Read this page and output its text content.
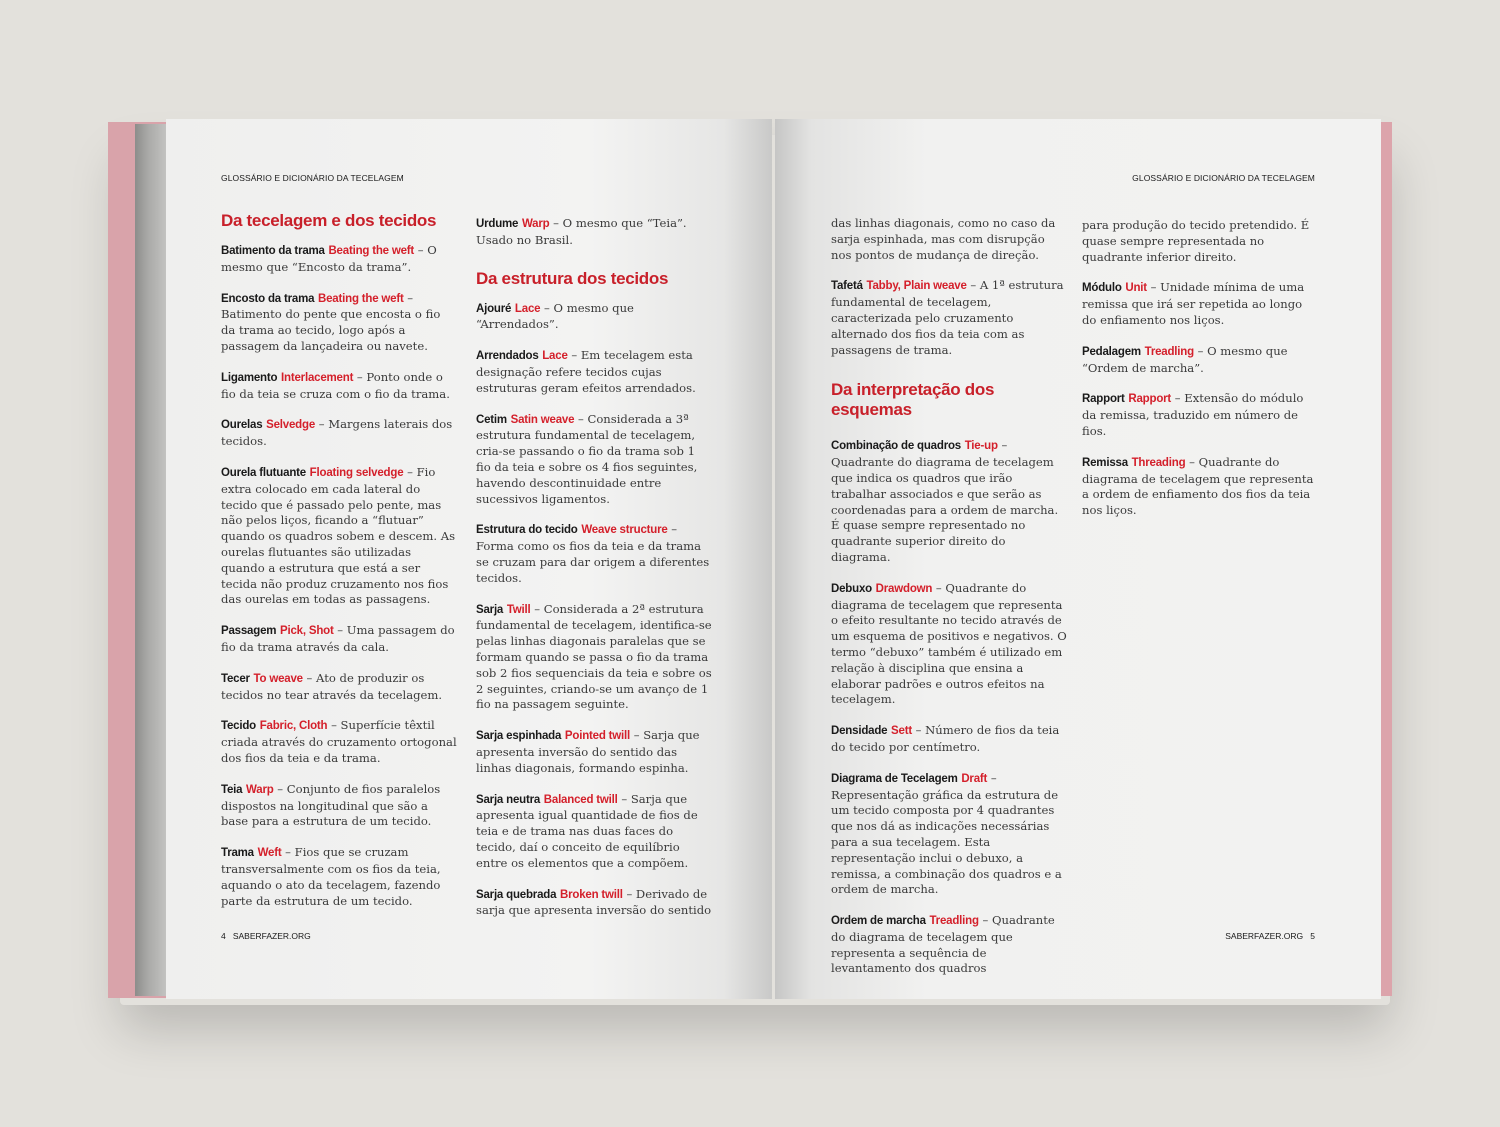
GLOSSÁRIO E DICIONÁRIO DA TECELAGEM
Da tecelagem e dos tecidos
Batimento da trama Beating the weft – O mesmo que “Encosto da trama”.
Encosto da trama Beating the weft – Batimento do pente que encosta o fio da trama ao tecido, logo após a passagem da lançadeira ou navete.
Ligamento Interlacement – Ponto onde o fio da teia se cruza com o fio da trama.
Ourelas Selvedge – Margens laterais dos tecidos.
Ourela flutuante Floating selvedge – Fio extra colocado em cada lateral do tecido que é passado pelo pente, mas não pelos liços, ficando a “flutuar” quando os quadros sobem e descem. As ourelas flutuantes são utilizadas quando a estrutura que está a ser tecida não produz cruzamento nos fios das ourelas em todas as passagens.
Passagem Pick, Shot – Uma passagem do fio da trama através da cala.
Tecer To weave – Ato de produzir os tecidos no tear através da tecelagem.
Tecido Fabric, Cloth – Superfície têxtil criada através do cruzamento ortogonal dos fios da teia e da trama.
Teia Warp – Conjunto de fios paralelos dispostos na longitudinal que são a base para a estrutura de um tecido.
Trama Weft – Fios que se cruzam transversalmente com os fios da teia, aquando o ato da tecelagem, fazendo parte da estrutura de um tecido.
Urdume Warp – O mesmo que “Teia”. Usado no Brasil.
Da estrutura dos tecidos
Ajouré Lace – O mesmo que “Arrendados”.
Arrendados Lace – Em tecelagem esta designação refere tecidos cujas estruturas geram efeitos arrendados.
Cetim Satin weave – Considerada a 3ª estrutura fundamental de tecelagem, cria-se passando o fio da trama sob 1 fio da teia e sobre os 4 fios seguintes, havendo descontinuidade entre sucessivos ligamentos.
Estrutura do tecido Weave structure – Forma como os fios da teia e da trama se cruzam para dar origem a diferentes tecidos.
Sarja Twill – Considerada a 2ª estrutura fundamental de tecelagem, identifica-se pelas linhas diagonais paralelas que se formam quando se passa o fio da trama sob 2 fios sequenciais da teia e sobre os 2 seguintes, criando-se um avanço de 1 fio na passagem seguinte.
Sarja espinhada Pointed twill – Sarja que apresenta inversão do sentido das linhas diagonais, formando espinha.
Sarja neutra Balanced twill – Sarja que apresenta igual quantidade de fios de teia e de trama nas duas faces do tecido, daí o conceito de equilíbrio entre os elementos que a compõem.
Sarja quebrada Broken twill – Derivado de sarja que apresenta inversão do sentido
4 SABERFAZER.ORG
GLOSSÁRIO E DICIONÁRIO DA TECELAGEM
das linhas diagonais, como no caso da sarja espinhada, mas com disrupção nos pontos de mudança de direção.
Tafetá Tabby, Plain weave – A 1ª estrutura fundamental de tecelagem, caracterizada pelo cruzamento alternado dos fios da teia com as passagens de trama.
Da interpretação dos esquemas
Combinação de quadros Tie-up – Quadrante do diagrama de tecelagem que indica os quadros que irão trabalhar associados e que serão as coordenadas para a ordem de marcha. É quase sempre representado no quadrante superior direito do diagrama.
Debuxo Drawdown – Quadrante do diagrama de tecelagem que representa o efeito resultante no tecido através de um esquema de positivos e negativos. O termo “debuxo” também é utilizado em relação à disciplina que ensina a elaborar padrões e outros efeitos na tecelagem.
Densidade Sett – Número de fios da teia do tecido por centímetro.
Diagrama de Tecelagem Draft – Representação gráfica da estrutura de um tecido composta por 4 quadrantes que nos dá as indicações necessárias para a sua tecelagem. Esta representação inclui o debuxo, a remissa, a combinação dos quadros e a ordem de marcha.
Ordem de marcha Treadling – Quadrante do diagrama de tecelagem que representa a sequência de levantamento dos quadros
para produção do tecido pretendido. É quase sempre representada no quadrante inferior direito.
Módulo Unit – Unidade mínima de uma remissa que irá ser repetida ao longo do enfiamento nos liços.
Pedalagem Treadling – O mesmo que “Ordem de marcha”.
Rapport Rapport – Extensão do módulo da remissa, traduzido em número de fios.
Remissa Threading – Quadrante do diagrama de tecelagem que representa a ordem de enfiamento dos fios da teia nos liços.
SABERFAZER.ORG 5
